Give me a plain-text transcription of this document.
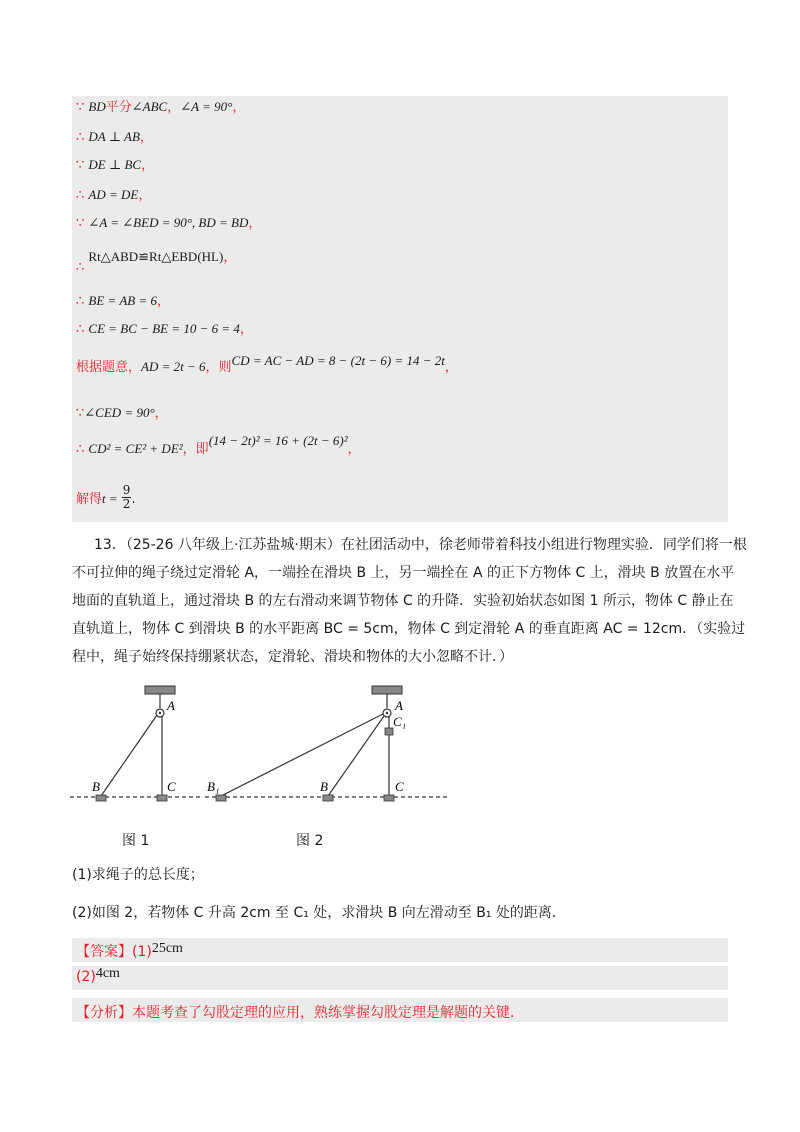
∵ BD平分∠ABC，∠A = 90°，
∴ DA ⊥ AB，
∵ DE ⊥ BC，
∴ AD = DE，
∵ ∠A = ∠BED = 90°, BD = BD，
∴ Rt△ABD≌Rt△EBD(HL)，
∴ BE = AB = 6，
∴ CE = BC − BE = 10 − 6 = 4，
根据题意，AD = 2t − 6，则CD = AC − AD = 8 − (2t − 6) = 14 − 2t，
∵∠CED = 90°，
∴ CD² = CE² + DE²，即(14 − 2t)² = 16 + (2t − 6)²，
解得$t = \frac{9}{2}$ .
13．（25-26 八年级上·江苏盐城·期末）在社团活动中，徐老师带着科技小组进行物理实验．同学们将一根
不可拉伸的绳子绕过定滑轮 A，一端拴在滑块 B 上，另一端拴在 A 的正下方物体 C 上，滑块 B 放置在水平
地面的直轨道上，通过滑块 B 的左右滑动来调节物体 C 的升降．实验初始状态如图 1 所示，物体 C 静止在
直轨道上，物体 C 到滑块 B 的水平距离 BC = 5cm，物体 C 到定滑轮 A 的垂直距离 AC = 12cm．（实验过
程中，绳子始终保持绷紧状态，定滑轮、滑块和物体的大小忽略不计．）
A
B	C
图 1
A
C₁
B₁	B	C
图 2
(1)求绳子的总长度；
(2)如图 2，若物体 C 升高 2cm 至 C₁ 处，求滑块 B 向左滑动至 B₁ 处的距离．
【答案】(1)25cm
(2)4cm
【分析】本题考查了勾股定理的应用，熟练掌握勾股定理是解题的关键．
